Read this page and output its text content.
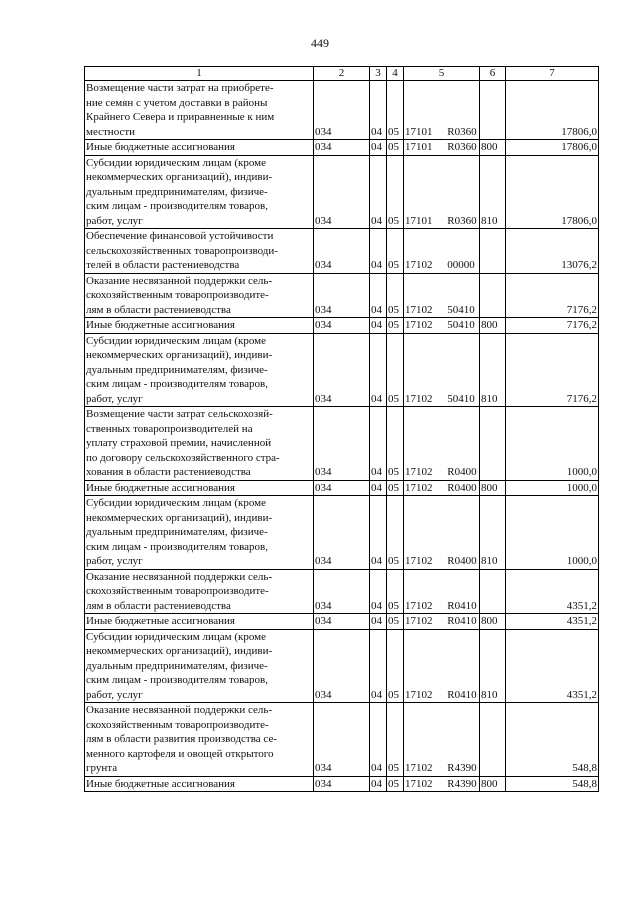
449
1	2	3	4	5	6	7
Возмещение части затрат на приобрете-
ние семян с учетом доставки в районы
Крайнего Севера и приравненные к ним
местности	034	04	05	17101 R0360		17806,0
Иные бюджетные ассигнования	034	04	05	17101 R0360	800	17806,0
Субсидии юридическим лицам (кроме
некоммерческих организаций), индиви-
дуальным предпринимателям, физиче-
ским лицам - производителям товаров,
работ, услуг	034	04	05	17101 R0360	810	17806,0
Обеспечение финансовой устойчивости
сельскохозяйственных товаропроизводи-
телей в области растениеводства	034	04	05	17102 00000		13076,2
Оказание несвязанной поддержки сель-
скохозяйственным товаропроизводите-
лям в области растениеводства	034	04	05	17102 50410		7176,2
Иные бюджетные ассигнования	034	04	05	17102 50410	800	7176,2
Субсидии юридическим лицам (кроме
некоммерческих организаций), индиви-
дуальным предпринимателям, физиче-
ским лицам - производителям товаров,
работ, услуг	034	04	05	17102 50410	810	7176,2
Возмещение части затрат сельскохозяй-
ственных товаропроизводителей на
уплату страховой премии, начисленной
по договору сельскохозяйственного стра-
хования в области растениеводства	034	04	05	17102 R0400		1000,0
Иные бюджетные ассигнования	034	04	05	17102 R0400	800	1000,0
Субсидии юридическим лицам (кроме
некоммерческих организаций), индиви-
дуальным предпринимателям, физиче-
ским лицам - производителям товаров,
работ, услуг	034	04	05	17102 R0400	810	1000,0
Оказание несвязанной поддержки сель-
скохозяйственным товаропроизводите-
лям в области растениеводства	034	04	05	17102 R0410		4351,2
Иные бюджетные ассигнования	034	04	05	17102 R0410	800	4351,2
Субсидии юридическим лицам (кроме
некоммерческих организаций), индиви-
дуальным предпринимателям, физиче-
ским лицам - производителям товаров,
работ, услуг	034	04	05	17102 R0410	810	4351,2
Оказание несвязанной поддержки сель-
скохозяйственным товаропроизводите-
лям в области развития производства се-
менного картофеля и овощей открытого
грунта	034	04	05	17102 R4390		548,8
Иные бюджетные ассигнования	034	04	05	17102 R4390	800	548,8
